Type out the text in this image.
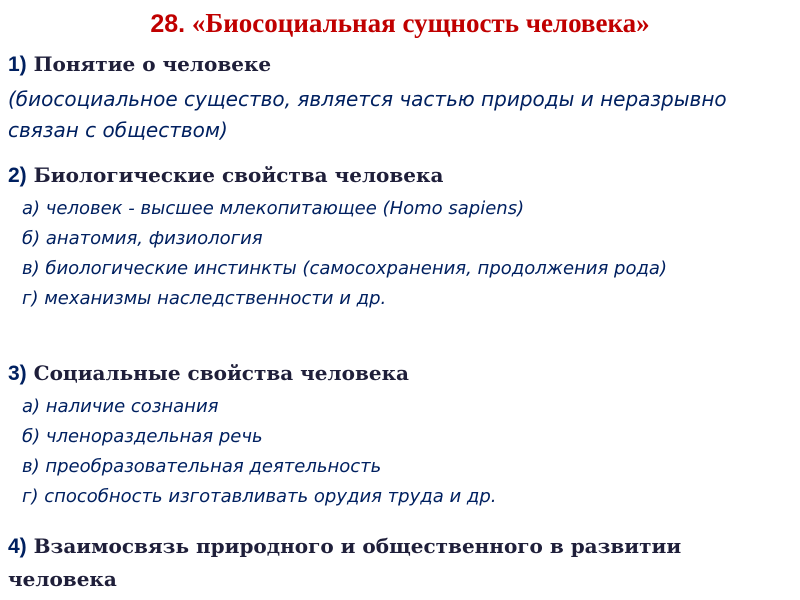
28. «Биосоциальная сущность человека»
1) Понятие о человеке
(биосоциальное существо, является частью природы и неразрывно связан с обществом)
2) Биологические свойства человека
а) человек - высшее млекопитающее (Homo sapiens)
б) анатомия, физиология
в) биологические инстинкты (самосохранения, продолжения рода)
г) механизмы наследственности и др.
3) Социальные свойства человека
а) наличие сознания
б) членораздельная речь
в) преобразовательная деятельность
г) способность изготавливать орудия труда и др.
4) Взаимосвязь природного и общественного в развитии человека
